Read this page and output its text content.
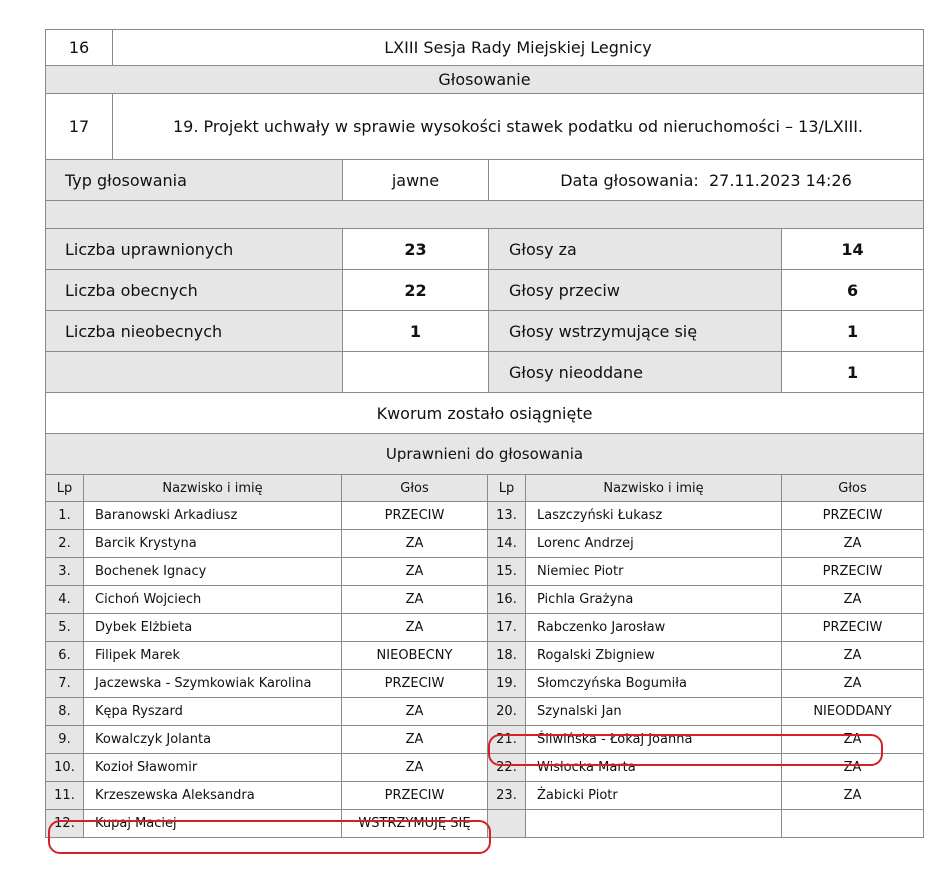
16	LXIII Sesja Rady Miejskiej Legnicy			
Głosowanie				
17	19. Projekt uchwały w sprawie wysokości stawek podatku od nieruchomości – 13/LXIII.			
Typ głosowania		jawne	Data głosowania: 27.11.2023 14:26	

Liczba uprawnionych		23	Głosy za	14
Liczba obecnych		22	Głosy przeciw	6
Liczba nieobecnych		1	Głosy wstrzymujące się	1
			Głosy nieoddane	1
Kworum zostało osiągnięte				
Uprawnieni do głosowania				
Lp	Nazwisko i imię	Głos	Lp	Nazwisko i imię	Głos
1.	Baranowski Arkadiusz	PRZECIW	13.	Laszczyński Łukasz	PRZECIW
2.	Barcik Krystyna	ZA	14.	Lorenc Andrzej	ZA
3.	Bochenek Ignacy	ZA	15.	Niemiec Piotr	PRZECIW
4.	Cichoń Wojciech	ZA	16.	Pichla Grażyna	ZA
5.	Dybek Elżbieta	ZA	17.	Rabczenko Jarosław	PRZECIW
6.	Filipek Marek	NIEOBECNY	18.	Rogalski Zbigniew	ZA
7.	Jaczewska - Szymkowiak Karolina	PRZECIW	19.	Słomczyńska Bogumiła	ZA
8.	Kępa Ryszard	ZA	20.	Szynalski Jan	NIEODDANY
9.	Kowalczyk Jolanta	ZA	21.	Śliwińska - Łokaj Joanna	ZA
10.	Kozioł Sławomir	ZA	22.	Wisłocka Marta	ZA
11.	Krzeszewska Aleksandra	PRZECIW	23.	Żabicki Piotr	ZA
12.	Kupaj Maciej	WSTRZYMUJĘ SIĘ			
